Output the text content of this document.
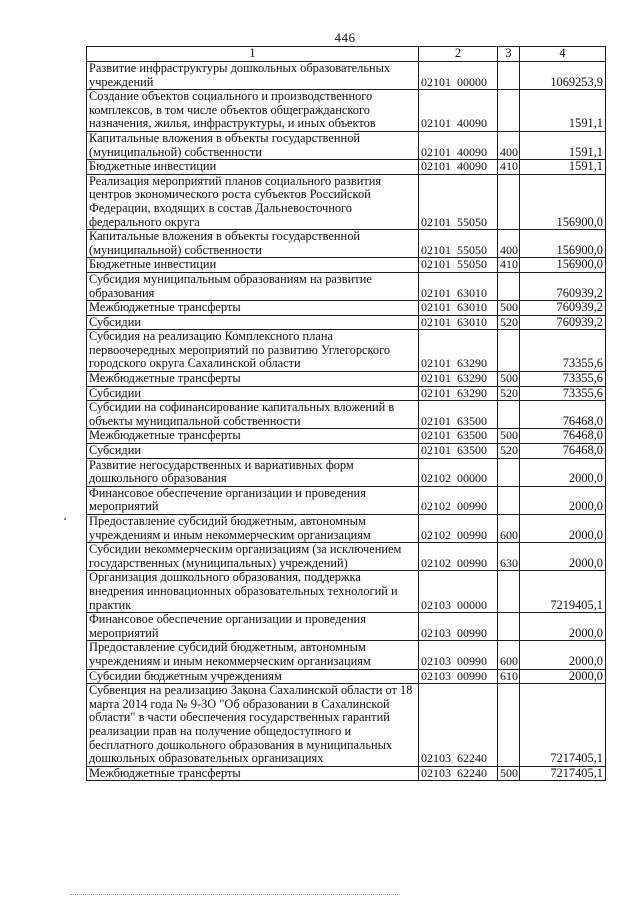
446
1	2	3	4
Развитие инфраструктуры дошкольных образовательных учреждений	02101  00000		1069253,9
Создание объектов социального и производственного комплексов, в том числе объектов общегражданского назначения, жилья, инфраструктуры, и иных объектов	02101  40090		1591,1
Капитальные вложения в объекты государственной (муниципальной) собственности	02101  40090	400	1591,1
Бюджетные инвестиции	02101  40090	410	1591,1
Реализация мероприятий планов социального развития центров экономического роста субъектов Российской Федерации, входящих в состав Дальневосточного федерального округа	02101  55050		156900,0
Капитальные вложения в объекты государственной (муниципальной) собственности	02101  55050	400	156900,0
Бюджетные инвестиции	02101  55050	410	156900,0
Субсидия муниципальным образованиям на развитие образования	02101  63010		760939,2
Межбюджетные трансферты	02101  63010	500	760939,2
Субсидии	02101  63010	520	760939,2
Субсидия на реализацию Комплексного плана первоочередных мероприятий по развитию Углегорского городского округа Сахалинской области	02101  63290		73355,6
Межбюджетные трансферты	02101  63290	500	73355,6
Субсидии	02101  63290	520	73355,6
Субсидии на софинансирование капитальных вложений в объекты муниципальной собственности	02101  63500		76468,0
Межбюджетные трансферты	02101  63500	500	76468,0
Субсидии	02101  63500	520	76468,0
Развитие негосударственных и вариативных форм дошкольного образования	02102  00000		2000,0
Финансовое обеспечение организации и проведения мероприятий	02102  00990		2000,0
Предоставление субсидий бюджетным, автономным учреждениям и иным некоммерческим организациям	02102  00990	600	2000,0
Субсидии некоммерческим организациям (за исключением государственных (муниципальных) учреждений)	02102  00990	630	2000,0
Организация дошкольного образования, поддержка внедрения инновационных образовательных технологий и практик	02103  00000		7219405,1
Финансовое обеспечение организации и проведения мероприятий	02103  00990		2000,0
Предоставление субсидий бюджетным, автономным учреждениям и иным некоммерческим организациям	02103  00990	600	2000,0
Субсидии бюджетным учреждениям	02103  00990	610	2000,0
Субвенция на реализацию Закона Сахалинской области от 18 марта 2014 года № 9-ЗО "Об образовании в Сахалинской области" в части обеспечения государственных гарантий реализации прав на получение общедоступного и бесплатного дошкольного образования в муниципальных дошкольных образовательных организациях	02103  62240		7217405,1
Межбюджетные трансферты	02103  62240	500	7217405,1
